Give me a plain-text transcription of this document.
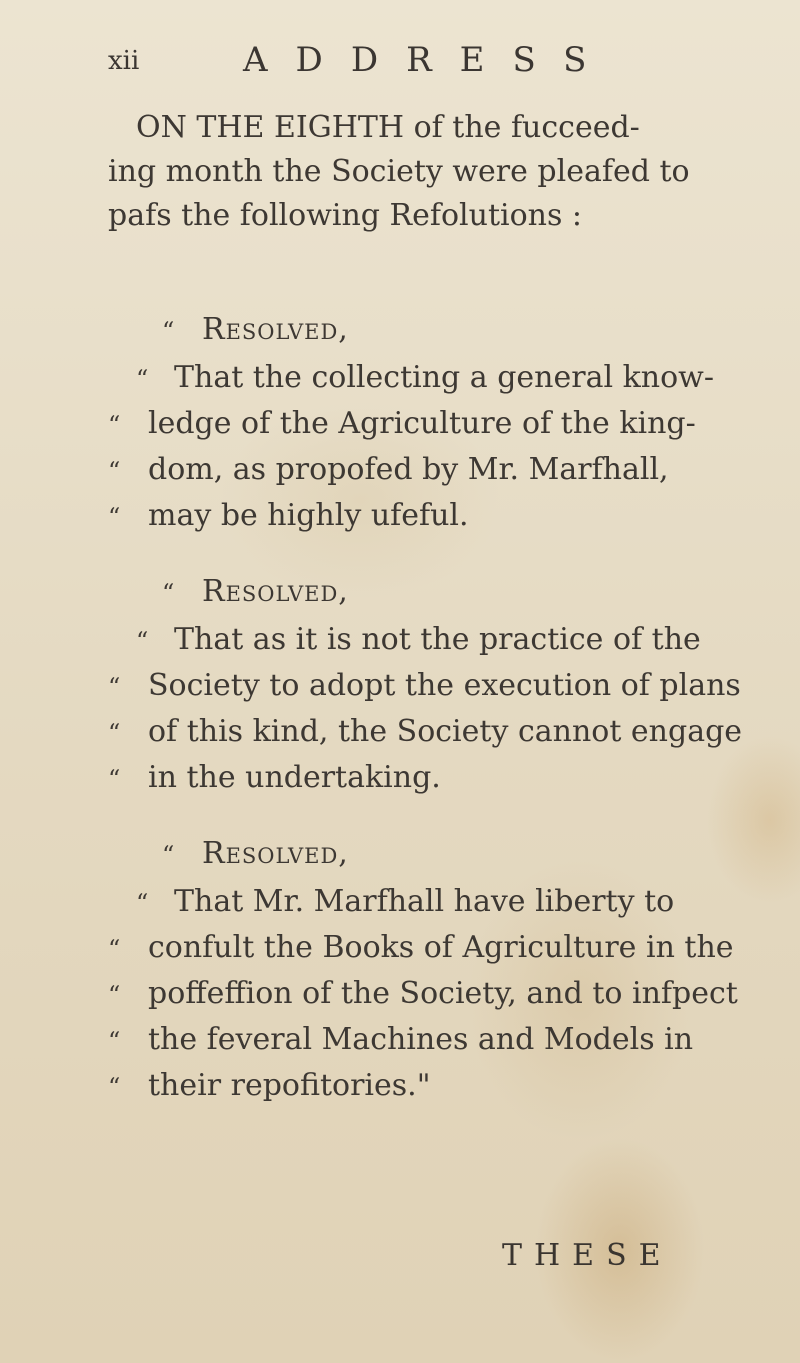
xii	ADDRESS
ON THE EIGHTH of the fucceed-
ing month the Society were pleafed to
pafs the following Refolutions :
“ Resolved,
“ That the collecting a general know-
“ ledge of the Agriculture of the king-
“ dom, as propofed by Mr. Marfhall,
“ may be highly ufeful.
“ Resolved,
“ That as it is not the practice of the
“ Society to adopt the execution of plans
“ of this kind, the Society cannot engage
“ in the undertaking.
“ Resolved,
“ That Mr. Marfhall have liberty to
“ confult the Books of Agriculture in the
“ poffeffion of the Society, and to infpect
“ the feveral Machines and Models in
“ their repofitories."
THESE
